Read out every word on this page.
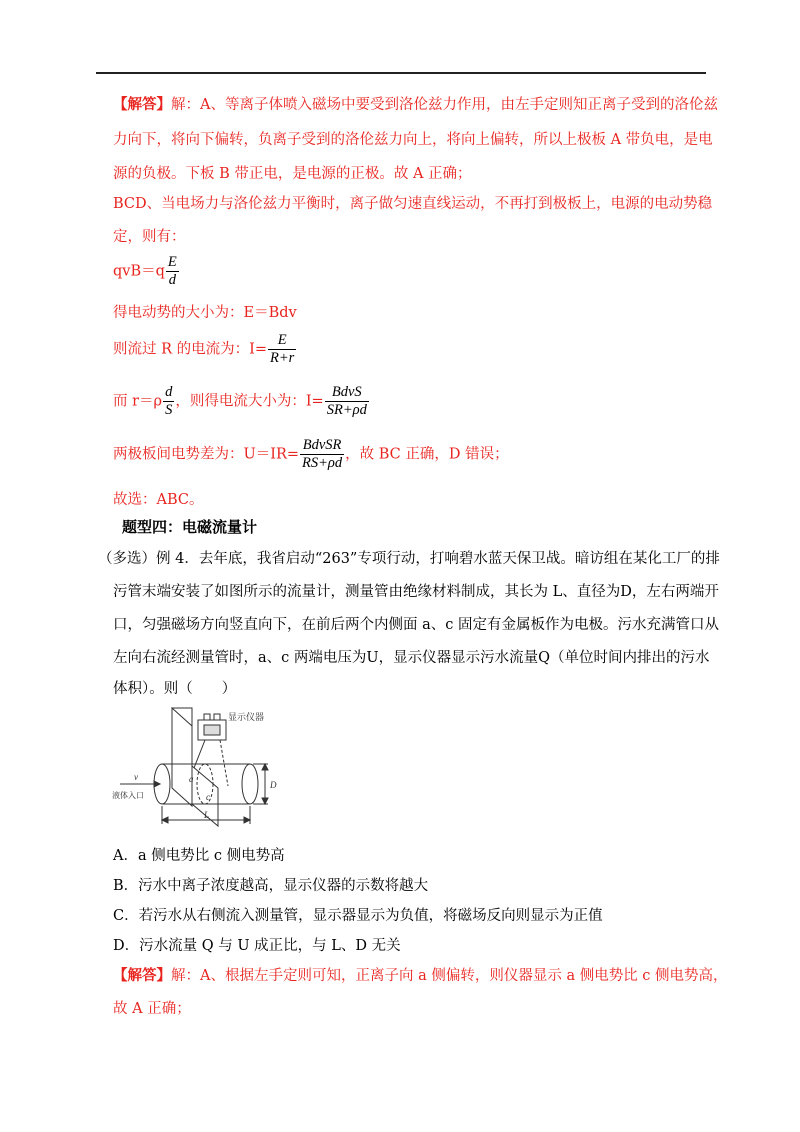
【解答】解：A、等离子体喷入磁场中要受到洛伦兹力作用，由左手定则知正离子受到的洛伦兹
力向下，将向下偏转，负离子受到的洛伦兹力向上，将向上偏转，所以上极板 A 带负电，是电
源的负极。下板 B 带正电，是电源的正极。故 A 正确；
BCD、当电场力与洛伦兹力平衡时，离子做匀速直线运动，不再打到极板上，电源的电动势稳
定，则有：
$qvB=q \frac{E}{d}$
得电动势的大小为：E＝Bdv
则流过 R 的电流为：$I= \frac{E}{R+r}$
而 $r=\rho \frac{d}{S}$ ，则得电流大小为：$I= \frac{\text{BdvS}}{SR+\rho d}$
两极板间电势差为：$U=IR= \frac{\text{BdvSR}}{RS+\rho d}$ ，故 BC 正确，D 错误；
故选：ABC。
题型四：电磁流量计
（多选）例 4．去年底，我省启动“263”专项行动，打响碧水蓝天保卫战。暗访组在某化工厂的排
污管末端安装了如图所示的流量计，测量管由绝缘材料制成，其长为 L、直径为D，左右两端开
口，匀强磁场方向竖直向下，在前后两个内侧面 a、c 固定有金属板作为电极。污水充满管口从
左向右流经测量管时，a、c 两端电压为U，显示仪器显示污水流量Q（单位时间内排出的污水
体积）。则（　　）
显示仪器
v
液体入口
a
c
D
L
A．a 侧电势比 c 侧电势高
B．污水中离子浓度越高，显示仪器的示数将越大
C．若污水从右侧流入测量管，显示器显示为负值，将磁场反向则显示为正值
D．污水流量 Q 与 U 成正比，与 L、D 无关
【解答】解：A、根据左手定则可知，正离子向 a 侧偏转，则仪器显示 a 侧电势比 c 侧电势高，
故 A 正确；
